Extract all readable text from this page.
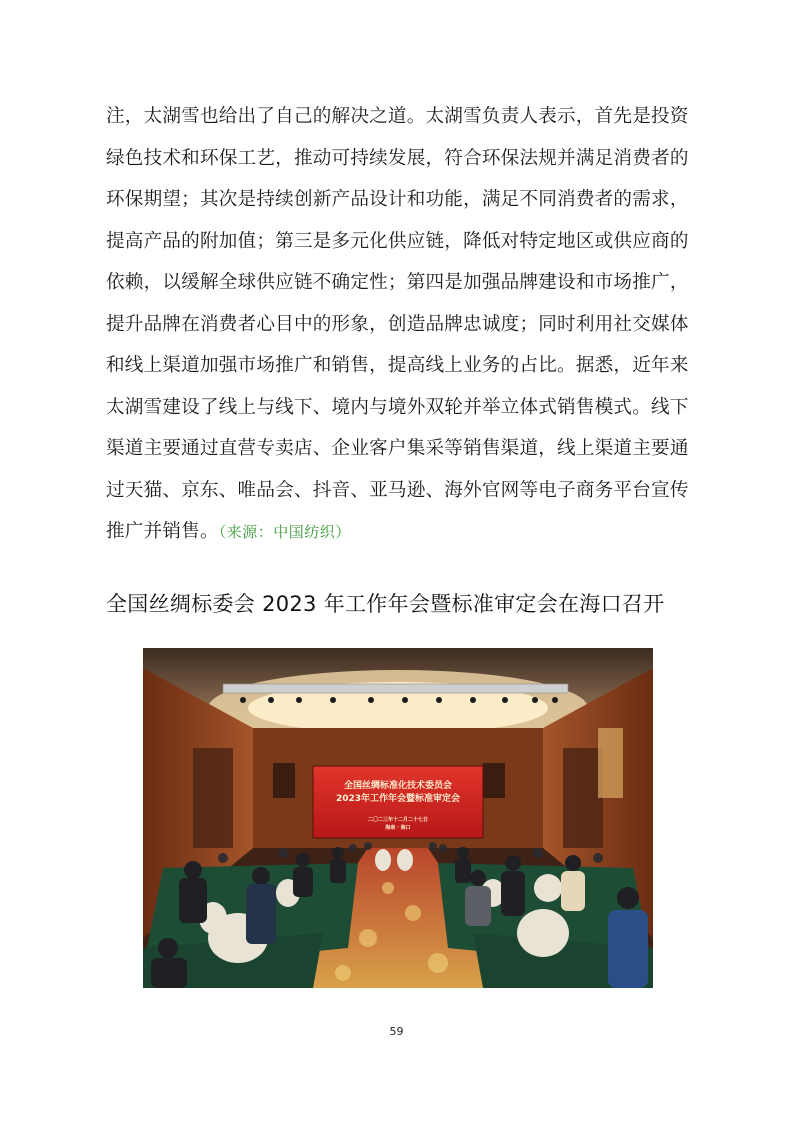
注，太湖雪也给出了自己的解决之道。太湖雪负责人表示，首先是投资
绿色技术和环保工艺，推动可持续发展，符合环保法规并满足消费者的
环保期望；其次是持续创新产品设计和功能，满足不同消费者的需求，
提高产品的附加值；第三是多元化供应链，降低对特定地区或供应商的
依赖，以缓解全球供应链不确定性；第四是加强品牌建设和市场推广，
提升品牌在消费者心目中的形象，创造品牌忠诚度；同时利用社交媒体
和线上渠道加强市场推广和销售，提高线上业务的占比。据悉，近年来
太湖雪建设了线上与线下、境内与境外双轮并举立体式销售模式。线下
渠道主要通过直营专卖店、企业客户集采等销售渠道，线上渠道主要通
过天猫、京东、唯品会、抖音、亚马逊、海外官网等电子商务平台宣传
推广并销售。（来源：中国纺织）
全国丝绸标委会 2023 年工作年会暨标准审定会在海口召开
全国丝绸标准化技术委员会
2023年工作年会暨标准审定会
二〇二三年十二月二十七日
海南 · 海口
59
